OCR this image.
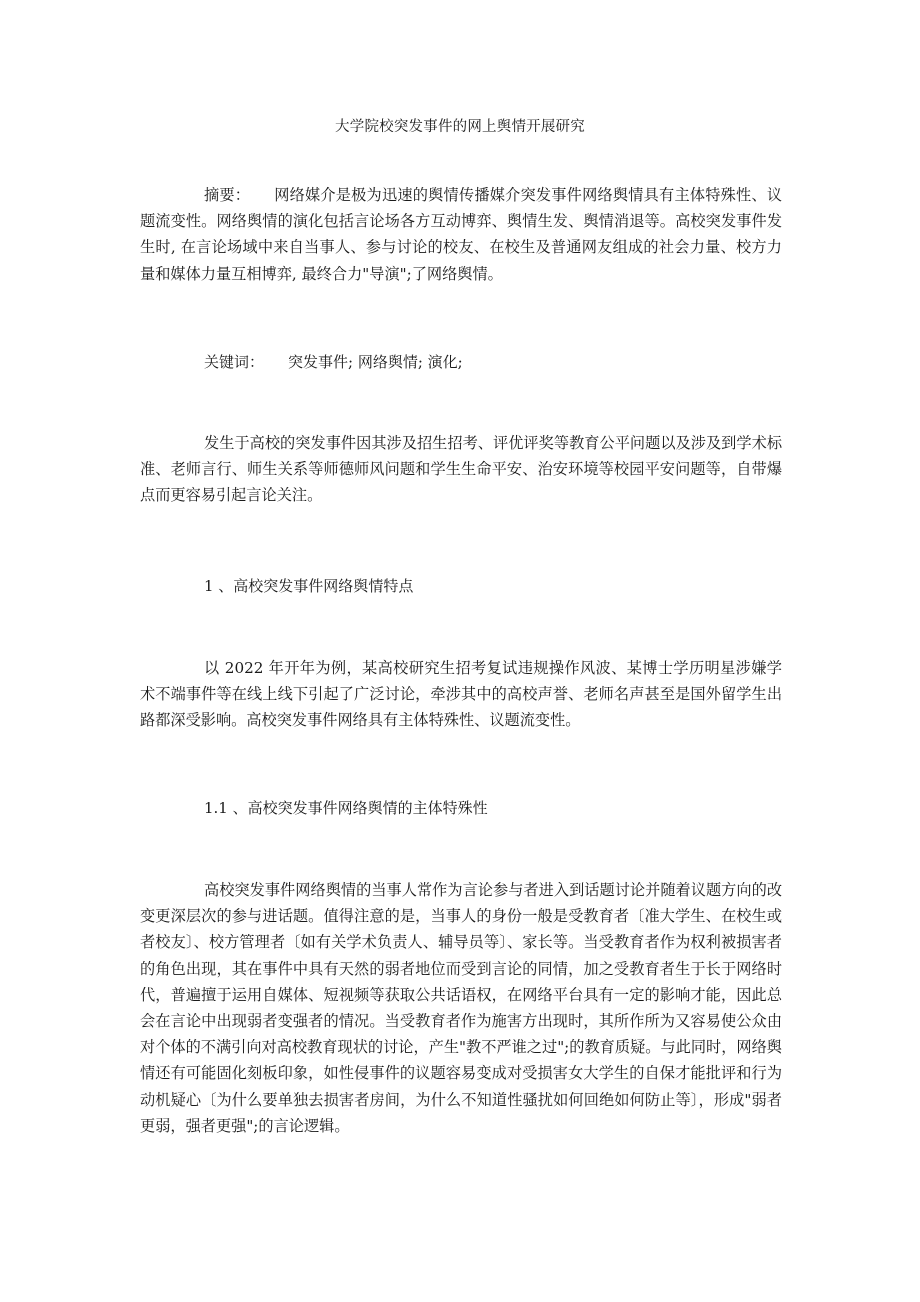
大学院校突发事件的网上舆情开展研究

摘要： 网络媒介是极为迅速的舆情传播媒介突发事件网络舆情具有主体特殊性、议题流变性。网络舆情的演化包括言论场各方互动博弈、舆情生发、舆情消退等。高校突发事件发生时, 在言论场域中来自当事人、参与讨论的校友、在校生及普通网友组成的社会力量、校方力量和媒体力量互相博弈, 最终合力"导演";了网络舆情。

关键词： 突发事件; 网络舆情; 演化;

发生于高校的突发事件因其涉及招生招考、评优评奖等教育公平问题以及涉及到学术标准、老师言行、师生关系等师德师风问题和学生生命平安、治安环境等校园平安问题等，自带爆点而更容易引起言论关注。

1 、高校突发事件网络舆情特点

以 2022 年开年为例，某高校研究生招考复试违规操作风波、某博士学历明星涉嫌学术不端事件等在线上线下引起了广泛讨论，牵涉其中的高校声誉、老师名声甚至是国外留学生出路都深受影响。高校突发事件网络具有主体特殊性、议题流变性。

1.1 、高校突发事件网络舆情的主体特殊性

高校突发事件网络舆情的当事人常作为言论参与者进入到话题讨论并随着议题方向的改变更深层次的参与进话题。值得注意的是，当事人的身份一般是受教育者〔准大学生、在校生或者校友〕、校方管理者〔如有关学术负责人、辅导员等〕、家长等。当受教育者作为权利被损害者的角色出现，其在事件中具有天然的弱者地位而受到言论的同情，加之受教育者生于长于网络时代，普遍擅于运用自媒体、短视频等获取公共话语权，在网络平台具有一定的影响才能，因此总会在言论中出现弱者变强者的情况。当受教育者作为施害方出现时，其所作所为又容易使公众由对个体的不满引向对高校教育现状的讨论，产生"教不严谁之过";的教育质疑。与此同时，网络舆情还有可能固化刻板印象，如性侵事件的议题容易变成对受损害女大学生的自保才能批评和行为动机疑心〔为什么要单独去损害者房间，为什么不知道性骚扰如何回绝如何防止等〕，形成"弱者更弱，强者更强";的言论逻辑。
